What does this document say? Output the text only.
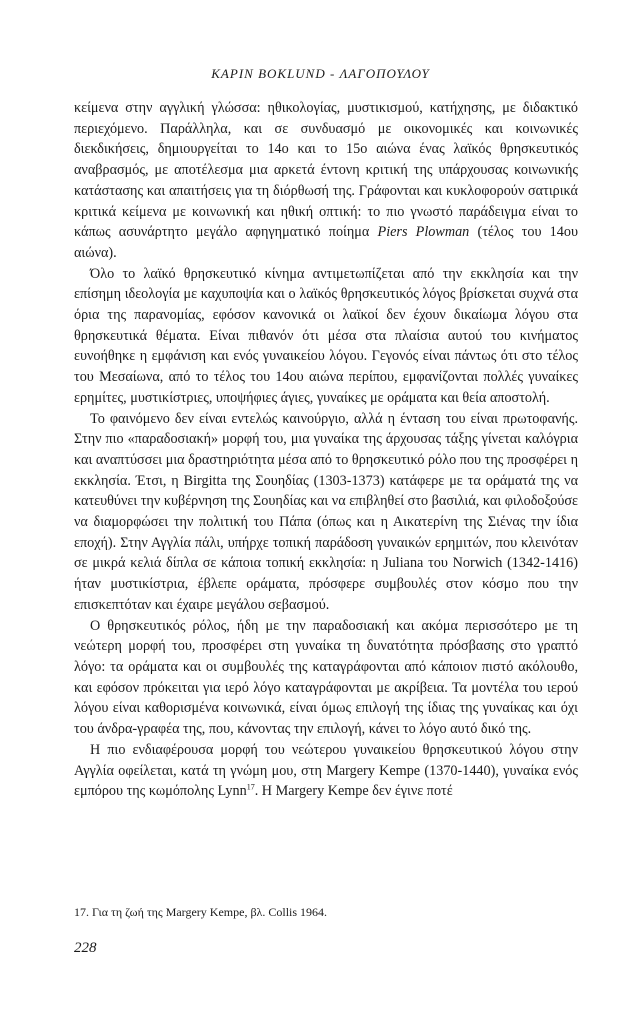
ΚΑΡΙΝ BOKLUND - ΛΑΓΟΠΟΥΛΟΥ

κείμενα στην αγγλική γλώσσα: ηθικολογίας, μυστικισμού, κατήχησης, με διδακτικό περιεχόμενο. Παράλληλα, και σε συνδυασμό με οικονομικές και κοινωνικές διεκδικήσεις, δημιουργείται το 14ο και το 15ο αιώνα ένας λαϊκός θρησκευτικός αναβρασμός, με αποτέλεσμα μια αρκετά έντονη κριτική της υπάρχουσας κοινωνικής κατάστασης και απαιτήσεις για τη διόρθωσή της. Γράφονται και κυκλοφορούν σατιρικά κριτικά κείμενα με κοινωνική και ηθική οπτική: το πιο γνωστό παράδειγμα είναι το κάπως ασυνάρτητο μεγάλο αφηγηματικό ποίημα Piers Plowman (τέλος του 14ου αιώνα).

Όλο το λαϊκό θρησκευτικό κίνημα αντιμετωπίζεται από την εκκλησία και την επίσημη ιδεολογία με καχυποψία και ο λαϊκός θρησκευτικός λόγος βρίσκεται συχνά στα όρια της παρανομίας, εφόσον κανονικά οι λαϊκοί δεν έχουν δικαίωμα λόγου στα θρησκευτικά θέματα. Είναι πιθανόν ότι μέσα στα πλαίσια αυτού του κινήματος ευνοήθηκε η εμφάνιση και ενός γυναικείου λόγου. Γεγονός είναι πάντως ότι στο τέλος του Μεσαίωνα, από το τέλος του 14ου αιώνα περίπου, εμφανίζονται πολλές γυναίκες ερημίτες, μυστικίστριες, υποψήφιες άγιες, γυναίκες με οράματα και θεία αποστολή.

Το φαινόμενο δεν είναι εντελώς καινούργιο, αλλά η ένταση του είναι πρωτοφανής. Στην πιο «παραδοσιακή» μορφή του, μια γυναίκα της άρχουσας τάξης γίνεται καλόγρια και αναπτύσσει μια δραστηριότητα μέσα από το θρησκευτικό ρόλο που της προσφέρει η εκκλησία. Έτσι, η Birgitta της Σουηδίας (1303-1373) κατάφερε με τα οράματά της να κατευθύνει την κυβέρνηση της Σουηδίας και να επιβληθεί στο βασιλιά, και φιλοδοξούσε να διαμορφώσει την πολιτική του Πάπα (όπως και η Αικατερίνη της Σιένας την ίδια εποχή). Στην Αγγλία πάλι, υπήρχε τοπική παράδοση γυναικών ερημιτών, που κλεινόταν σε μικρά κελιά δίπλα σε κάποια τοπική εκκλησία: η Juliana του Norwich (1342-1416) ήταν μυστικίστρια, έβλεπε οράματα, πρόσφερε συμβουλές στον κόσμο που την επισκεπτόταν και έχαιρε μεγάλου σεβασμού.

Ο θρησκευτικός ρόλος, ήδη με την παραδοσιακή και ακόμα περισσότερο με τη νεώτερη μορφή του, προσφέρει στη γυναίκα τη δυνατότητα πρόσβασης στο γραπτό λόγο: τα οράματα και οι συμβουλές της καταγράφονται από κάποιον πιστό ακόλουθο, και εφόσον πρόκειται για ιερό λόγο καταγράφονται με ακρίβεια. Τα μοντέλα του ιερού λόγου είναι καθορισμένα κοινωνικά, είναι όμως επιλογή της ίδιας της γυναίκας και όχι του άνδρα-γραφέα της, που, κάνοντας την επιλογή, κάνει το λόγο αυτό δικό της.

Η πιο ενδιαφέρουσα μορφή του νεώτερου γυναικείου θρησκευτικού λόγου στην Αγγλία οφείλεται, κατά τη γνώμη μου, στη Margery Kempe (1370-1440), γυναίκα ενός εμπόρου της κωμόπολης Lynn$^{17}$. Η Margery Kempe δεν έγινε ποτέ

17. Για τη ζωή της Margery Kempe, βλ. Collis 1964.
228
